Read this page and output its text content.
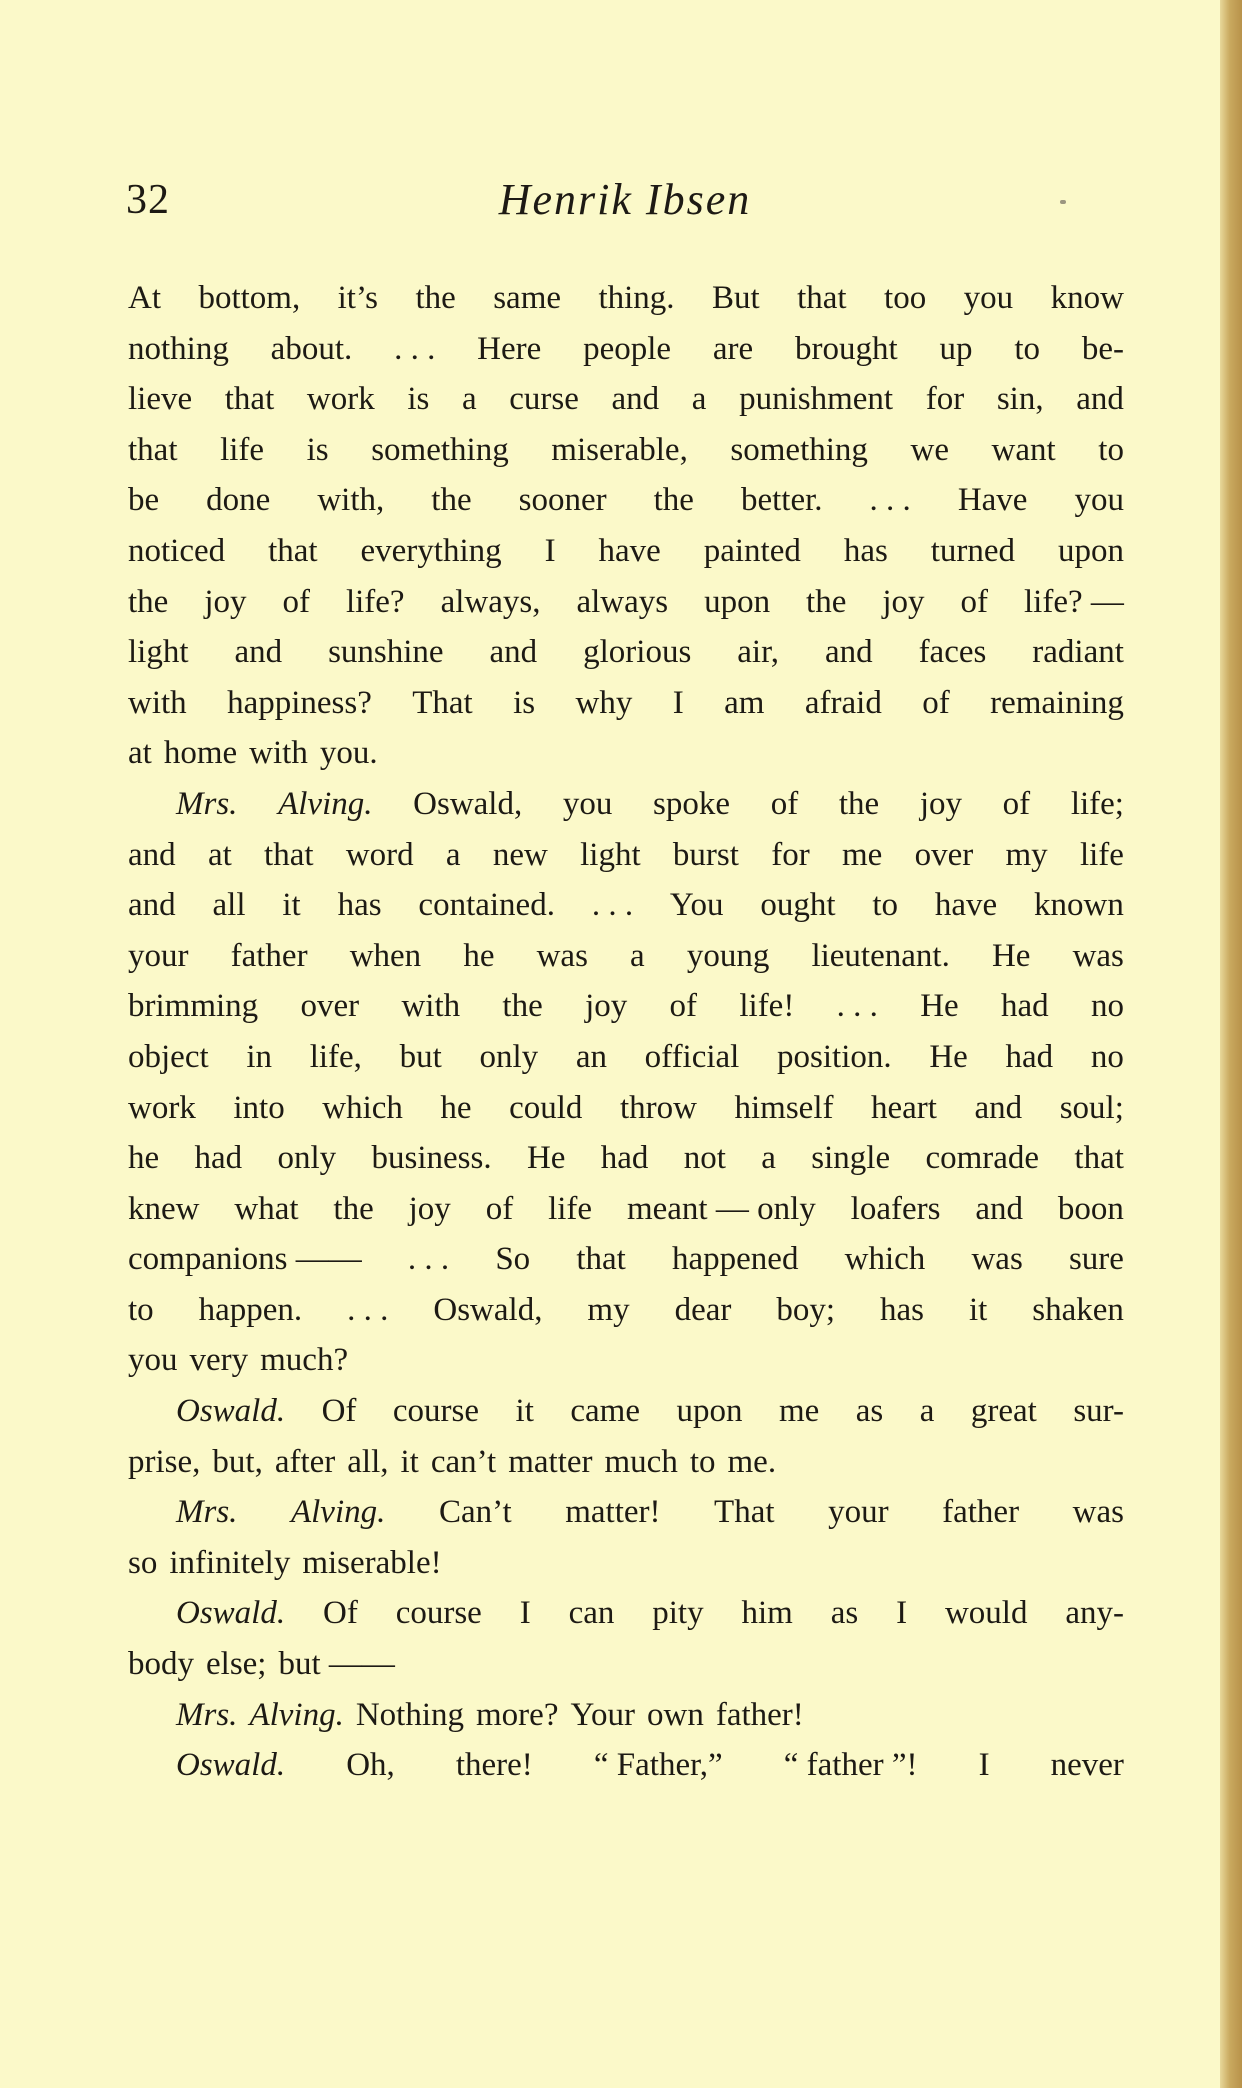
32	Henrik Ibsen
At bottom, it’s the same thing. But that too you know
nothing about. . . . Here people are brought up to be-
lieve that work is a curse and a punishment for sin, and
that life is something miserable, something we want to
be done with, the sooner the better. . . . Have you
noticed that everything I have painted has turned upon
the joy of life? always, always upon the joy of life? —
light and sunshine and glorious air, and faces radiant
with happiness? That is why I am afraid of remaining
at home with you.
Mrs. Alving. Oswald, you spoke of the joy of life;
and at that word a new light burst for me over my life
and all it has contained. . . . You ought to have known
your father when he was a young lieutenant. He was
brimming over with the joy of life! . . . He had no
object in life, but only an official position. He had no
work into which he could throw himself heart and soul;
he had only business. He had not a single comrade that
knew what the joy of life meant — only loafers and boon
companions —— . . . So that happened which was sure
to happen. . . . Oswald, my dear boy; has it shaken
you very much?
Oswald. Of course it came upon me as a great sur-
prise, but, after all, it can’t matter much to me.
Mrs. Alving. Can’t matter! That your father was
so infinitely miserable!
Oswald. Of course I can pity him as I would any-
body else; but ——
Mrs. Alving. Nothing more? Your own father!
Oswald. Oh, there! “ Father,” “ father ”! I never
